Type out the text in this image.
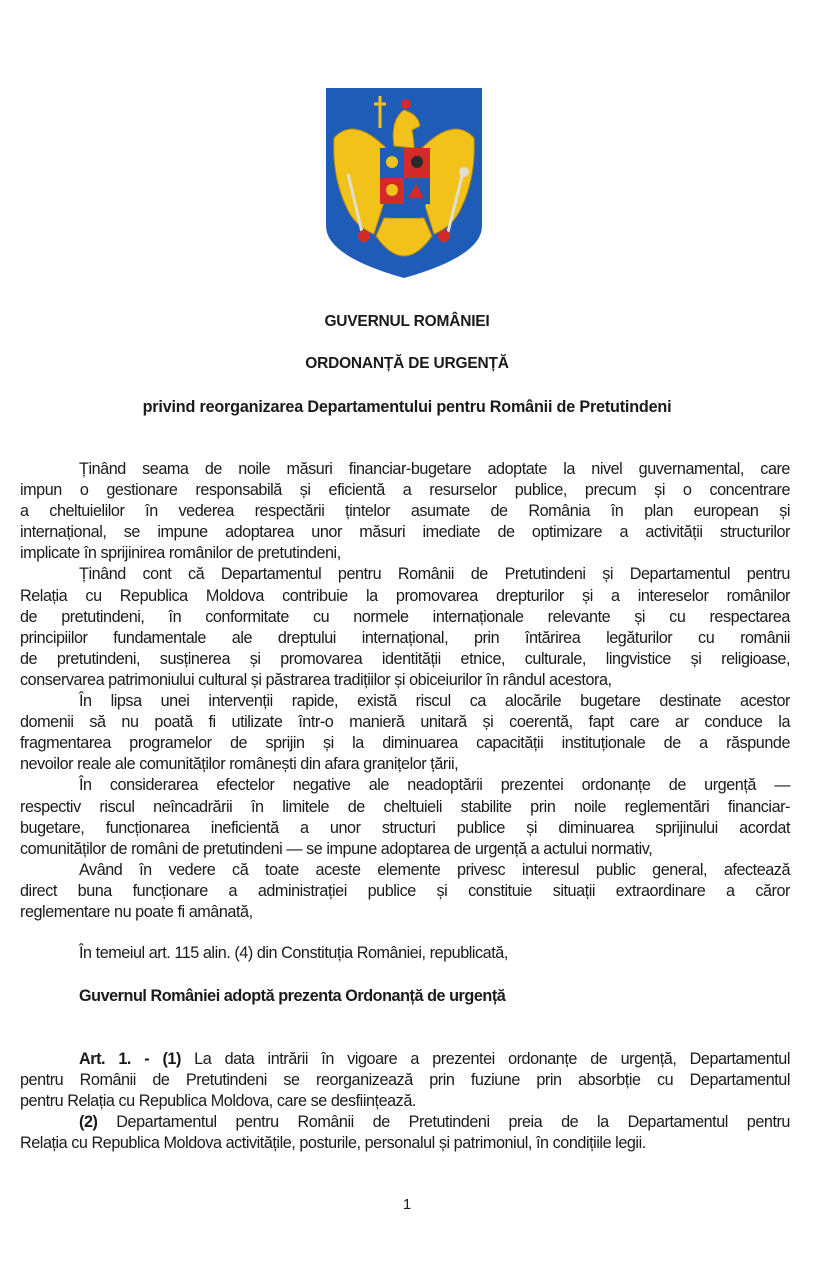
GUVERNUL ROMÂNIEI
ORDONANȚĂ DE URGENȚĂ
privind reorganizarea Departamentului pentru Românii de Pretutindeni
Ținând seama de noile măsuri financiar-bugetare adoptate la nivel guvernamental, care
impun o gestionare responsabilă și eficientă a resurselor publice, precum și o concentrare
a cheltuielilor în vederea respectării țintelor asumate de România în plan european și
internațional, se impune adoptarea unor măsuri imediate de optimizare a activității structurilor
implicate în sprijinirea românilor de pretutindeni,
Ținând cont că Departamentul pentru Românii de Pretutindeni și Departamentul pentru
Relația cu Republica Moldova contribuie la promovarea drepturilor și a intereselor românilor
de pretutindeni, în conformitate cu normele internaționale relevante și cu respectarea
principiilor fundamentale ale dreptului internațional, prin întărirea legăturilor cu românii
de pretutindeni, susținerea și promovarea identității etnice, culturale, lingvistice și religioase,
conservarea patrimoniului cultural și păstrarea tradițiilor și obiceiurilor în rândul acestora,
În lipsa unei intervenții rapide, există riscul ca alocările bugetare destinate acestor
domenii să nu poată fi utilizate într-o manieră unitară și coerentă, fapt care ar conduce la
fragmentarea programelor de sprijin și la diminuarea capacității instituționale de a răspunde
nevoilor reale ale comunităților românești din afara granițelor țării,
În considerarea efectelor negative ale neadoptării prezentei ordonanțe de urgență —
respectiv riscul neîncadrării în limitele de cheltuieli stabilite prin noile reglementări financiar-
bugetare, funcționarea ineficientă a unor structuri publice și diminuarea sprijinului acordat
comunităților de români de pretutindeni — se impune adoptarea de urgență a actului normativ,
Având în vedere că toate aceste elemente privesc interesul public general, afectează
direct buna funcționare a administrației publice și constituie situații extraordinare a căror
reglementare nu poate fi amânată,
În temeiul art. 115 alin. (4) din Constituția României, republicată,
Guvernul României adoptă prezenta Ordonanță de urgență
Art. 1. - (1) La data intrării în vigoare a prezentei ordonanțe de urgență, Departamentul
pentru Românii de Pretutindeni se reorganizează prin fuziune prin absorbție cu Departamentul
pentru Relația cu Republica Moldova, care se desființează.
(2) Departamentul pentru Românii de Pretutindeni preia de la Departamentul pentru
Relația cu Republica Moldova activitățile, posturile, personalul și patrimoniul, în condițiile legii.
1
